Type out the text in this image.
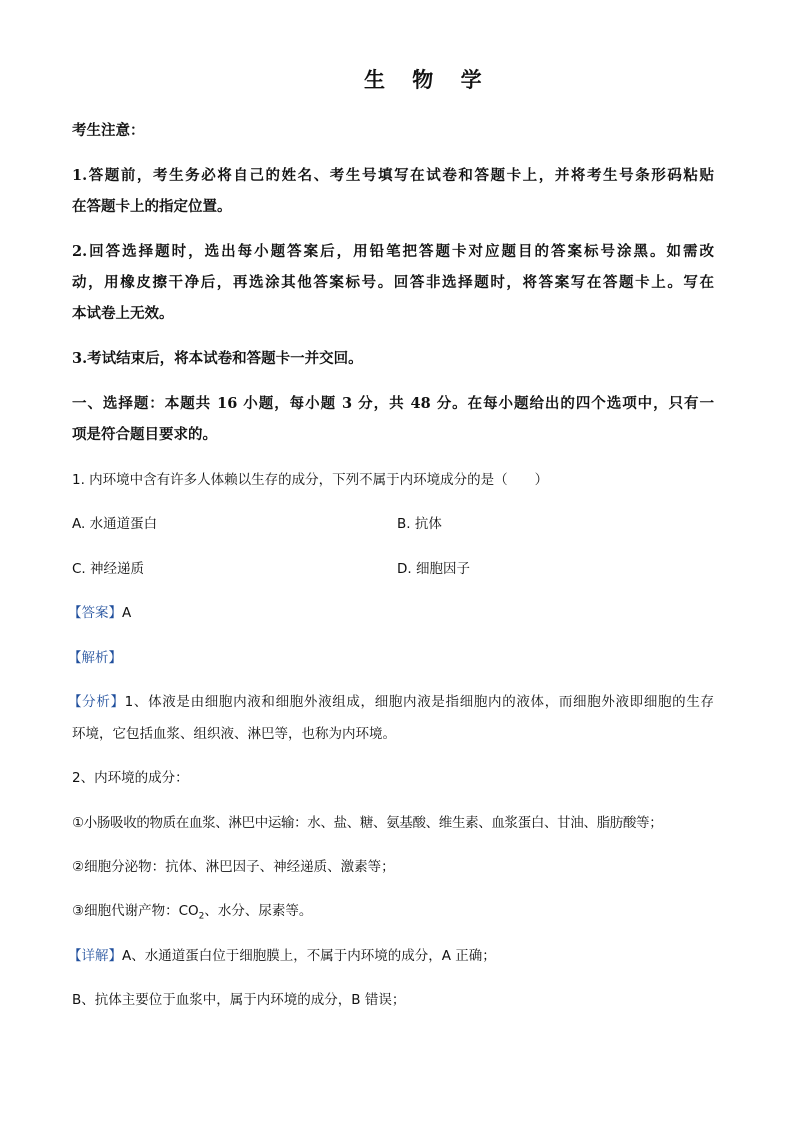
生 物 学
考生注意：
1.答题前，考生务必将自己的姓名、考生号填写在试卷和答题卡上，并将考生号条形码粘贴
在答题卡上的指定位置。
2.回答选择题时，选出每小题答案后，用铅笔把答题卡对应题目的答案标号涂黑。如需改
动，用橡皮擦干净后，再选涂其他答案标号。回答非选择题时，将答案写在答题卡上。写在
本试卷上无效。
3.考试结束后，将本试卷和答题卡一并交回。
一、选择题：本题共 16 小题，每小题 3 分，共 48 分。在每小题给出的四个选项中，只有一
项是符合题目要求的。
1. 内环境中含有许多人体赖以生存的成分，下列不属于内环境成分的是（　　）
A. 水通道蛋白	B. 抗体
C. 神经递质	D. 细胞因子
【答案】A
【解析】
【分析】1、体液是由细胞内液和细胞外液组成，细胞内液是指细胞内的液体，而细胞外液即细胞的生存
环境，它包括血浆、组织液、淋巴等，也称为内环境。
2、内环境的成分：
①小肠吸收的物质在血浆、淋巴中运输：水、盐、糖、氨基酸、维生素、血浆蛋白、甘油、脂肪酸等；
②细胞分泌物：抗体、淋巴因子、神经递质、激素等；
③细胞代谢产物：$CO_2$、水分、尿素等。
【详解】A、水通道蛋白位于细胞膜上，不属于内环境的成分，A 正确；
B、抗体主要位于血浆中，属于内环境的成分，B 错误；
